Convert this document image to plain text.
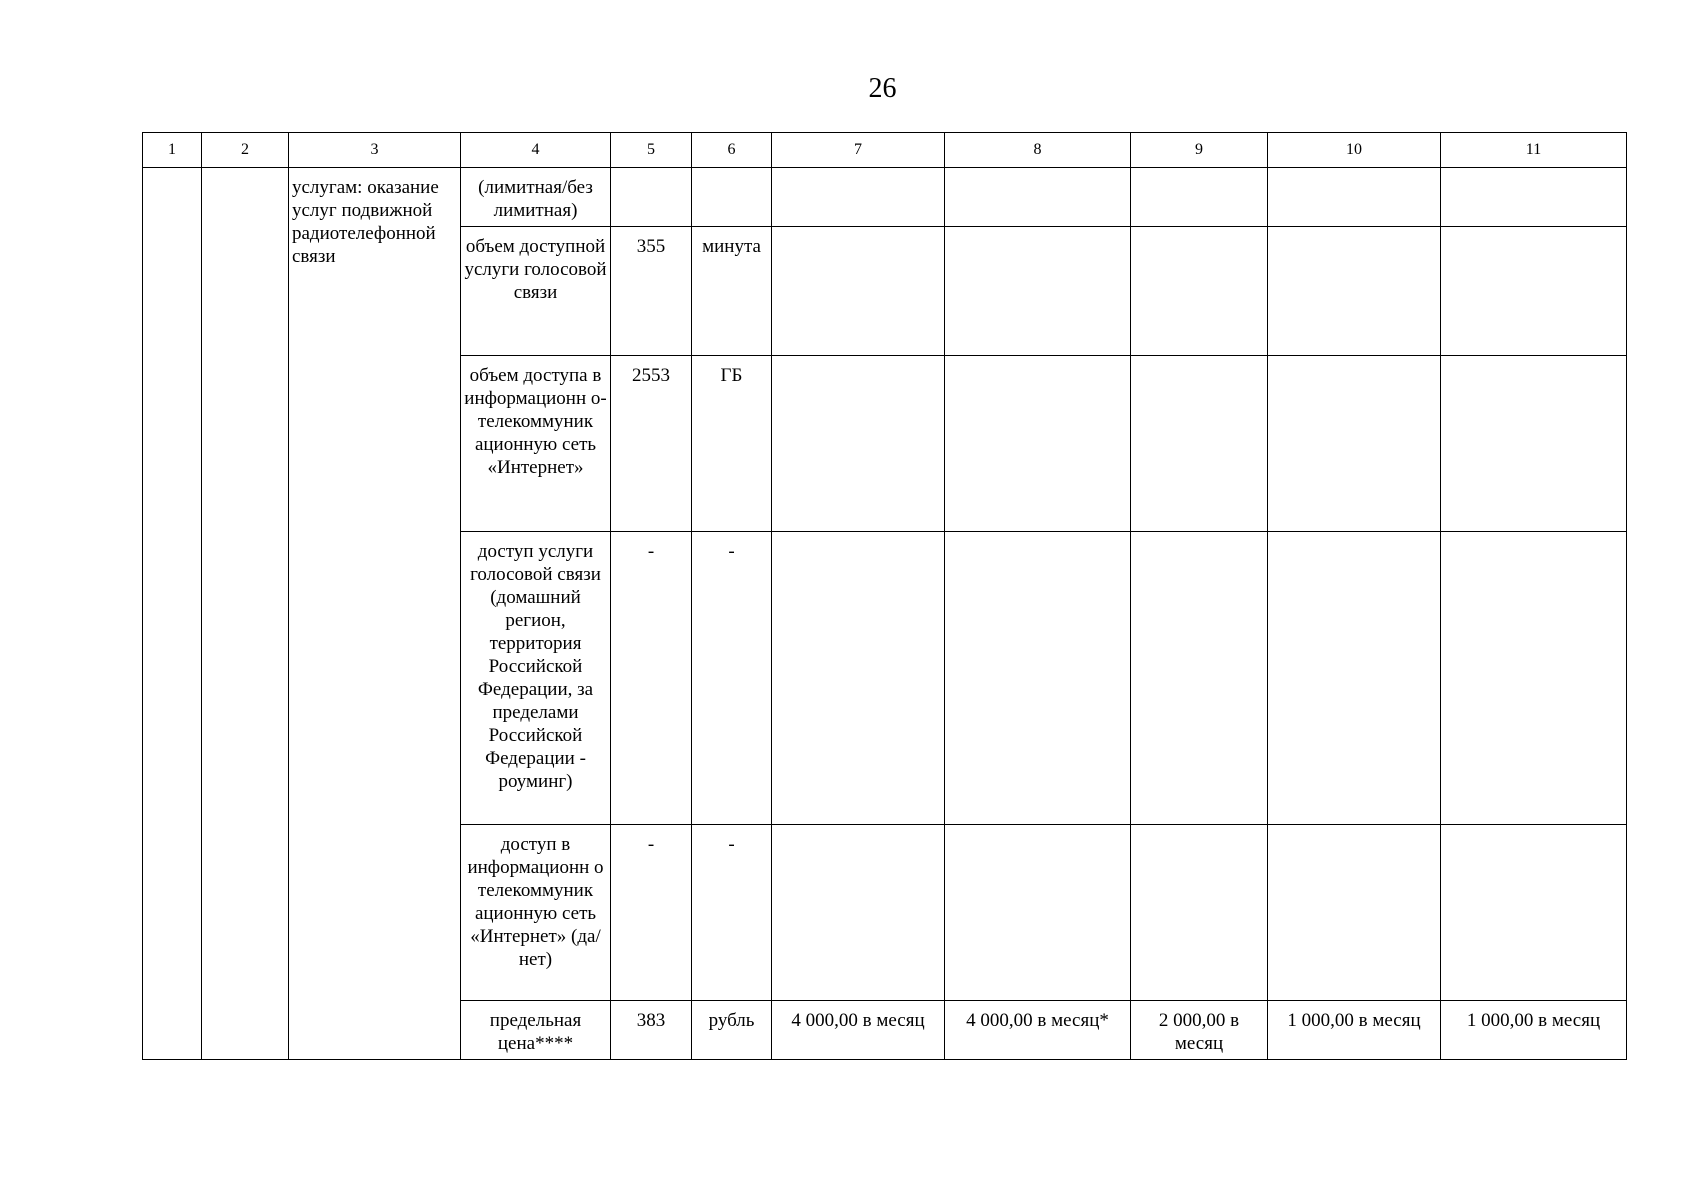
26
1	2	3	4	5	6	7	8	9	10	11

		услугам: оказание услуг подвижной радиотелефонной связи	(лимитная/без лимитная)							

			объем доступной услуги голосовой связи	355	минута					

			объем доступа в информационн о-телекоммуник ационную сеть «Интернет»	2553	ГБ					

			доступ услуги голосовой связи (домашний регион, территория Российской Федерации, за пределами Российской Федерации - роуминг)	-	-					

			доступ в информационн о телекоммуник ационную сеть «Интернет» (да/нет)	-	-					

			предельная цена****	383	рубль	4 000,00 в месяц	4 000,00 в месяц*	2 000,00 в месяц	1 000,00 в месяц	1 000,00 в месяц
